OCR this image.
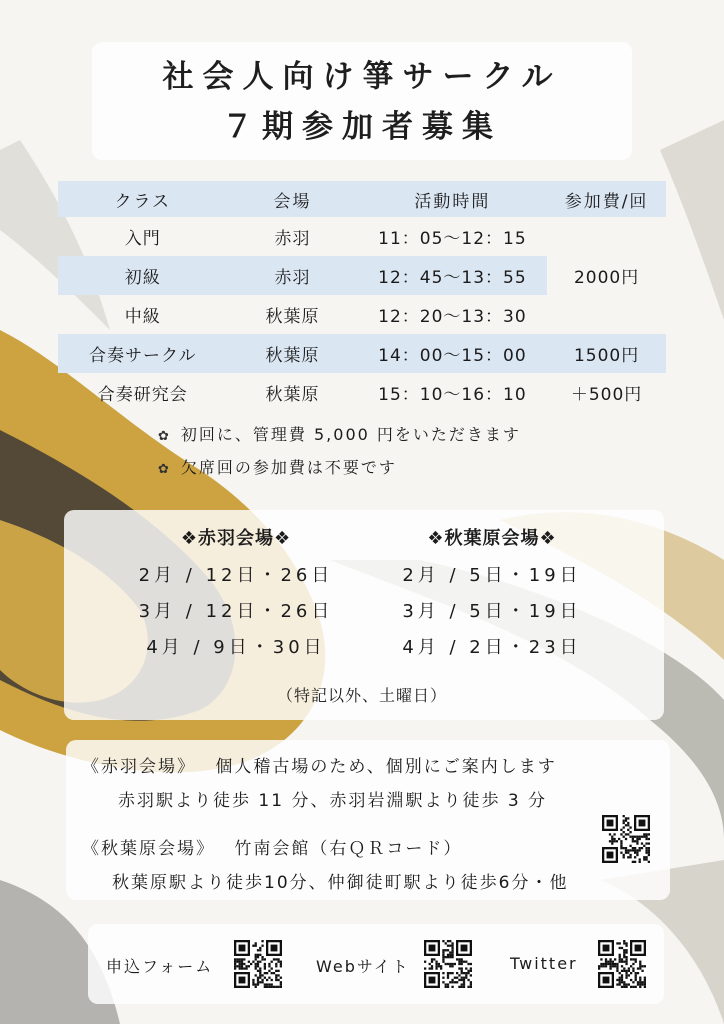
社会人向け箏サークル
７期参加者募集
クラス	会場	活動時間	参加費/回
入門	赤羽	11：05〜12：15	2000円
初級	赤羽	12：45〜13：55	
中級	秋葉原	12：20〜13：30	
合奏サークル	秋葉原	14：00〜15：00	1500円
合奏研究会	秋葉原	15：10〜16：10	＋500円
✿ 初回に、管理費 5,000 円をいただきます
✿ 欠席回の参加費は不要です
❖赤羽会場❖
2月 / 12日・26日
3月 / 12日・26日
4月 / 9日・30日
❖秋葉原会場❖
2月 / 5日・19日
3月 / 5日・19日
4月 / 2日・23日
（特記以外、土曜日）
《赤羽会場》 個人稽古場のため、個別にご案内します
赤羽駅より徒歩 11 分、赤羽岩淵駅より徒歩 3 分
《秋葉原会場》 竹南会館（右ＱＲコード）
秋葉原駅より徒歩10分、仲御徒町駅より徒歩6分・他
申込フォーム	Webサイト	Twitter
